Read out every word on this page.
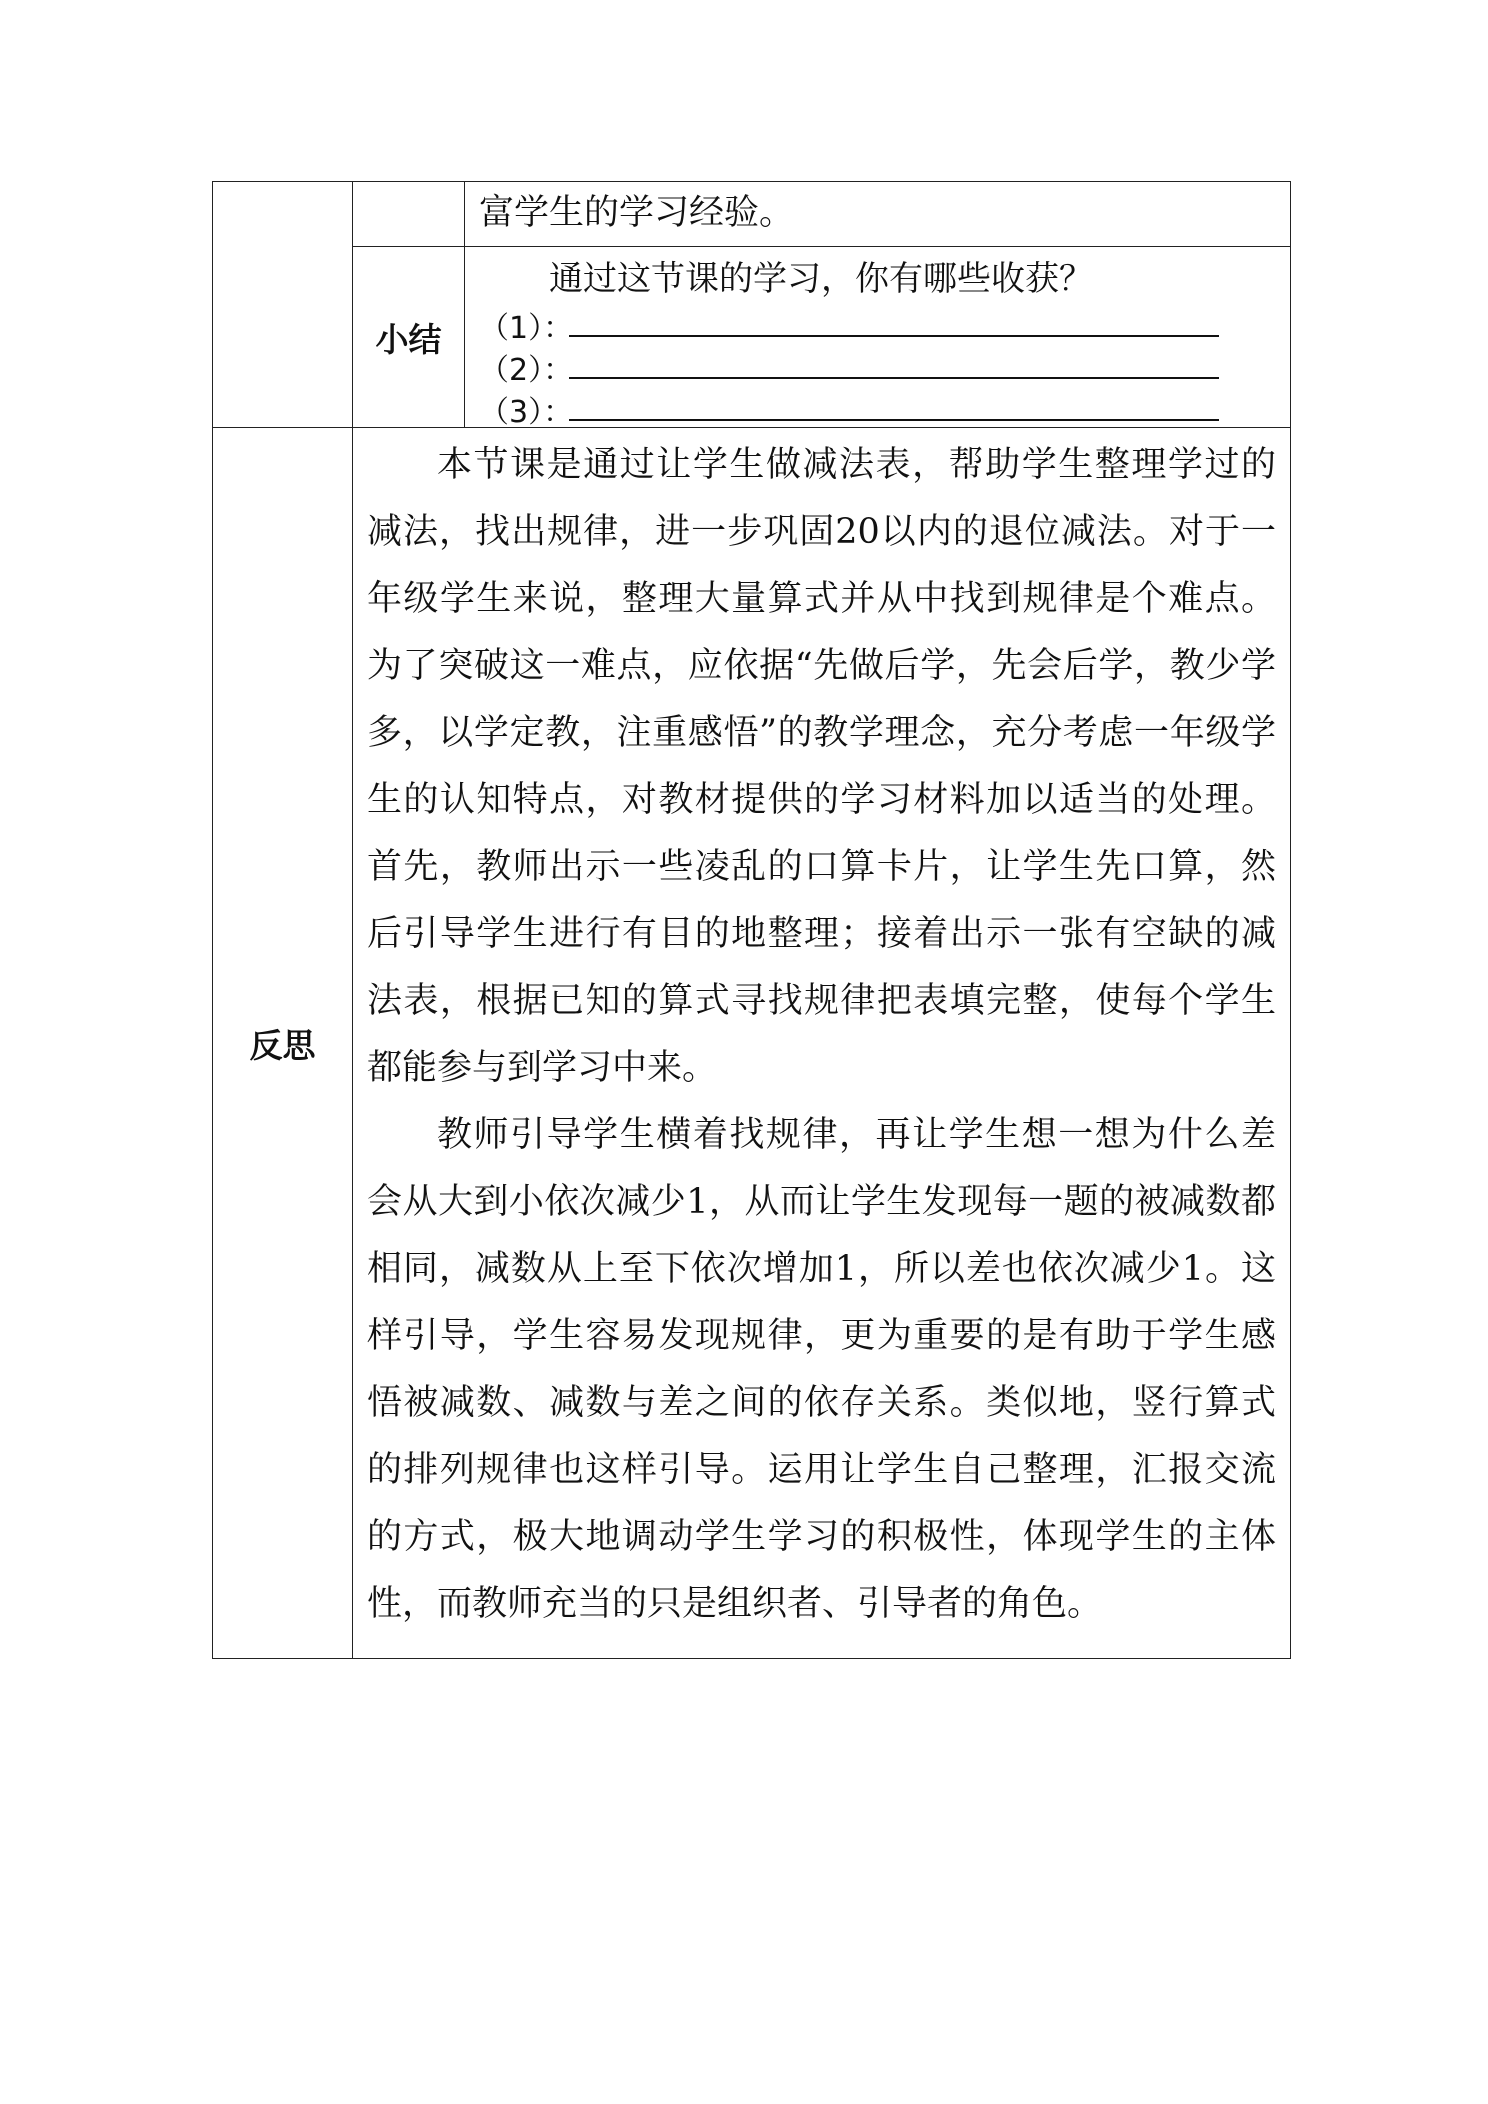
		富学生的学习经验。

	小结	通过这节课的学习，你有哪些收获？
（1）：
（2）：
（3）：

反思	本节课是通过让学生做减法表，帮助学生整理学过的减法，找出规律，进一步巩固20以内的退位减法。对于一年级学生来说，整理大量算式并从中找到规律是个难点。为了突破这一难点，应依据“先做后学，先会后学，教少学多，以学定教，注重感悟”的教学理念，充分考虑一年级学生的认知特点，对教材提供的学习材料加以适当的处理。首先，教师出示一些凌乱的口算卡片，让学生先口算，然后引导学生进行有目的地整理；接着出示一张有空缺的减法表，根据已知的算式寻找规律把表填完整，使每个学生都能参与到学习中来。

教师引导学生横着找规律，再让学生想一想为什么差会从大到小依次减少1，从而让学生发现每一题的被减数都相同，减数从上至下依次增加1，所以差也依次减少1。这样引导，学生容易发现规律，更为重要的是有助于学生感悟被减数、减数与差之间的依存关系。类似地，竖行算式的排列规律也这样引导。运用让学生自己整理，汇报交流的方式，极大地调动学生学习的积极性，体现学生的主体性，而教师充当的只是组织者、引导者的角色。	
